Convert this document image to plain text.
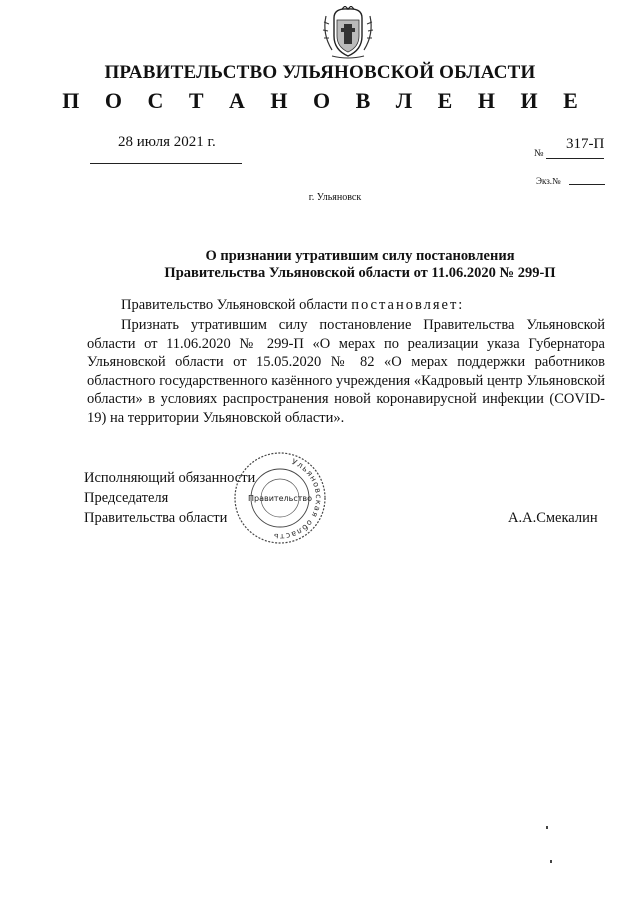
ПРАВИТЕЛЬСТВО УЛЬЯНОВСКОЙ ОБЛАСТИ
П О С Т А Н О В Л Е Н И Е
28 июля 2021 г.
№
317-П
Экз.№
г. Ульяновск
О признании утратившим силу постановления
Правительства Ульяновской области от 11.06.2020 № 299-П
Правительство Ульяновской области постановляет:
Признать утратившим силу постановление Правительства Ульяновской области от 11.06.2020 № 299-П «О мерах по реализации указа Губернатора Ульяновской области от 15.05.2020 № 82 «О мерах поддержки работников областного государственного казённого учреждения «Кадровый центр Ульяновской области» в условиях распространения новой коронавирусной инфекции (COVID-19) на территории Ульяновской области».
Исполняющий обязанности
Председателя
Правительства области
Ульяновская область
Правительство
А.А.Смекалин
